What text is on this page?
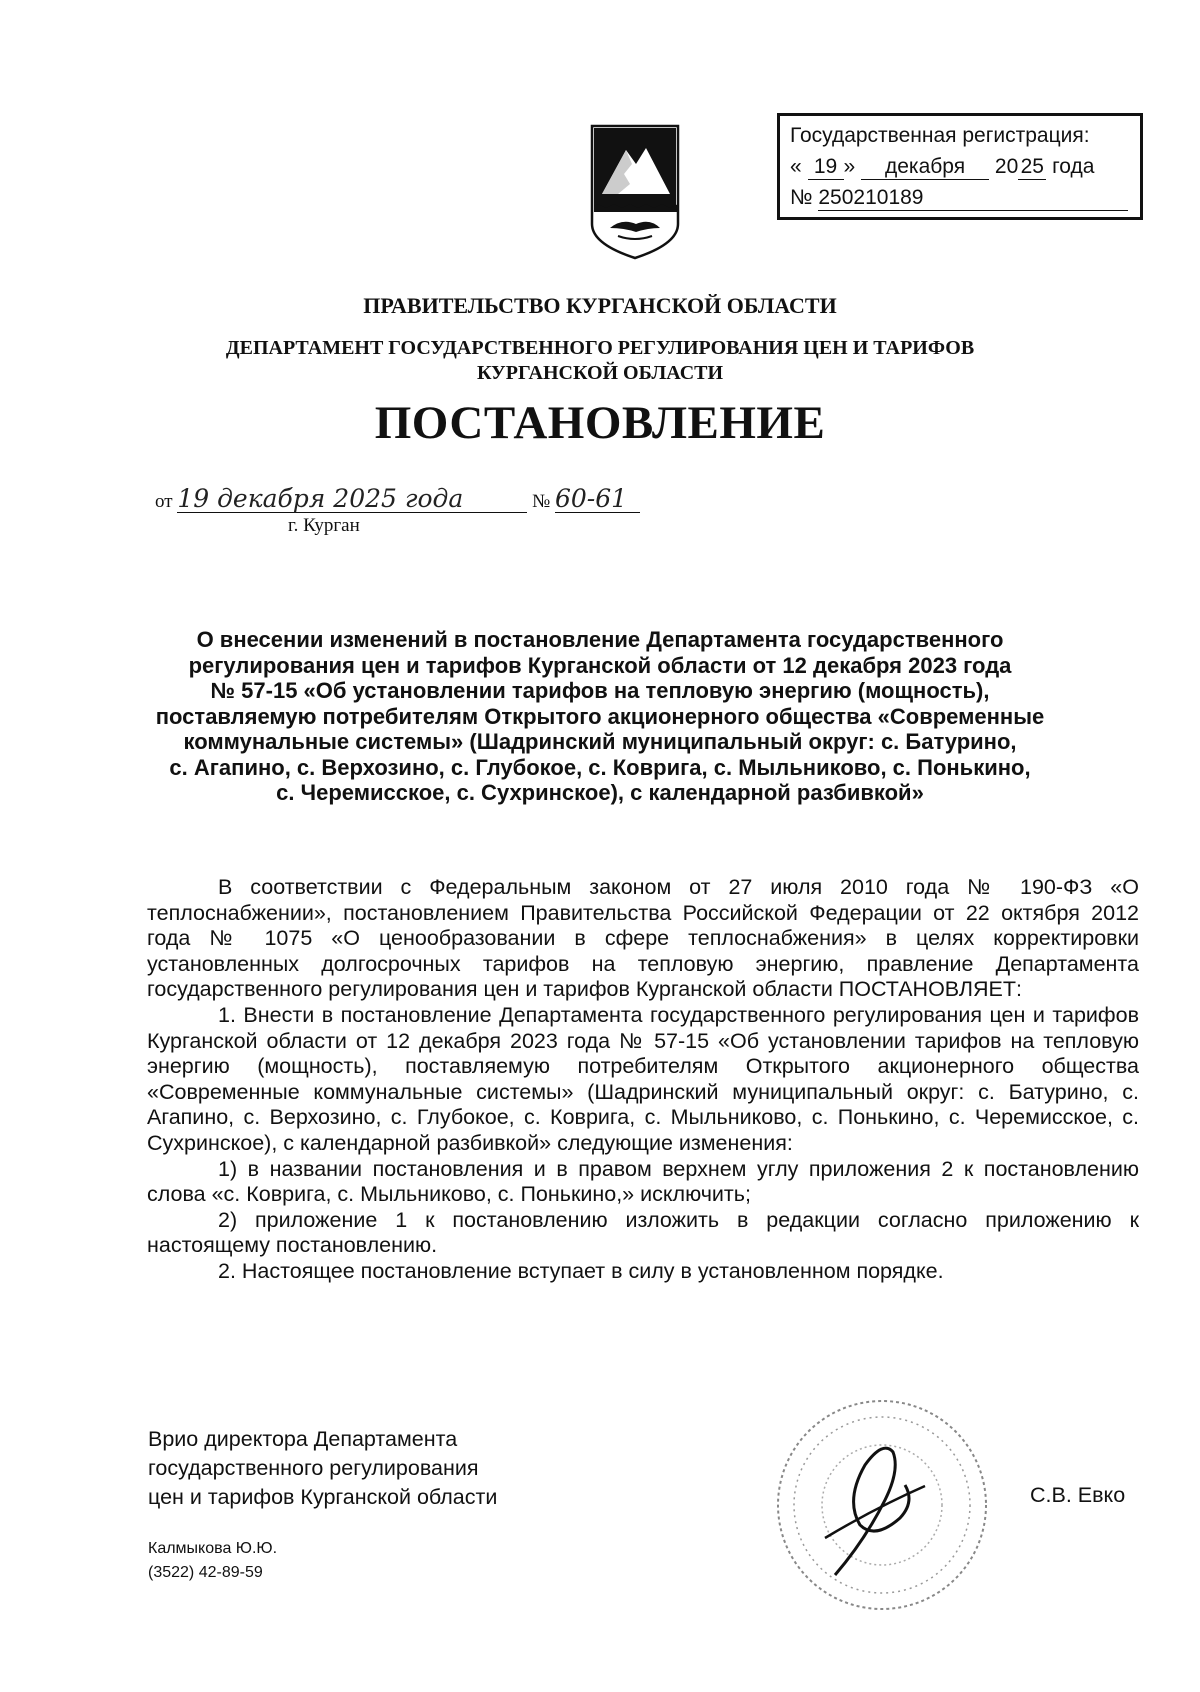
Государственная регистрация:
« 19 » декабря 20 25 года
№ 250210189
ПРАВИТЕЛЬСТВО КУРГАНСКОЙ ОБЛАСТИ
ДЕПАРТАМЕНТ ГОСУДАРСТВЕННОГО РЕГУЛИРОВАНИЯ ЦЕН И ТАРИФОВ
КУРГАНСКОЙ ОБЛАСТИ
ПОСТАНОВЛЕНИЕ
от 19 декабря 2025 года	№ 60-61
г. Курган
О внесении изменений в постановление Департамента государственного
регулирования цен и тарифов Курганской области от 12 декабря 2023 года
№ 57-15 «Об установлении тарифов на тепловую энергию (мощность),
поставляемую потребителям Открытого акционерного общества «Современные
коммунальные системы» (Шадринский муниципальный округ: с. Батурино,
с. Агапино, с. Верхозино, с. Глубокое, с. Коврига, с. Мыльниково, с. Понькино,
с. Черемисское, с. Сухринское), с календарной разбивкой»

В соответствии с Федеральным законом от 27 июля 2010 года № 190-ФЗ «О теплоснабжении», постановлением Правительства Российской Федерации от 22 октября 2012 года № 1075 «О ценообразовании в сфере теплоснабжения» в целях корректировки установленных долгосрочных тарифов на тепловую энергию, правление Департамента государственного регулирования цен и тарифов Курганской области ПОСТАНОВЛЯЕТ:

1. Внести в постановление Департамента государственного регулирования цен и тарифов Курганской области от 12 декабря 2023 года № 57-15 «Об установлении тарифов на тепловую энергию (мощность), поставляемую потребителям Открытого акционерного общества «Современные коммунальные системы» (Шадринский муниципальный округ: с. Батурино, с. Агапино, с. Верхозино, с. Глубокое, с. Коврига, с. Мыльниково, с. Понькино, с. Черемисское, с. Сухринское), с календарной разбивкой» следующие изменения:

1) в названии постановления и в правом верхнем углу приложения 2 к постановлению слова «с. Коврига, с. Мыльниково, с. Понькино,» исключить;

2) приложение 1 к постановлению изложить в редакции согласно приложению к настоящему постановлению.

2. Настоящее постановление вступает в силу в установленном порядке.

Врио директора Департамента
государственного регулирования
цен и тарифов Курганской области	С.В. Евко
Калмыкова Ю.Ю.
(3522) 42-89-59
